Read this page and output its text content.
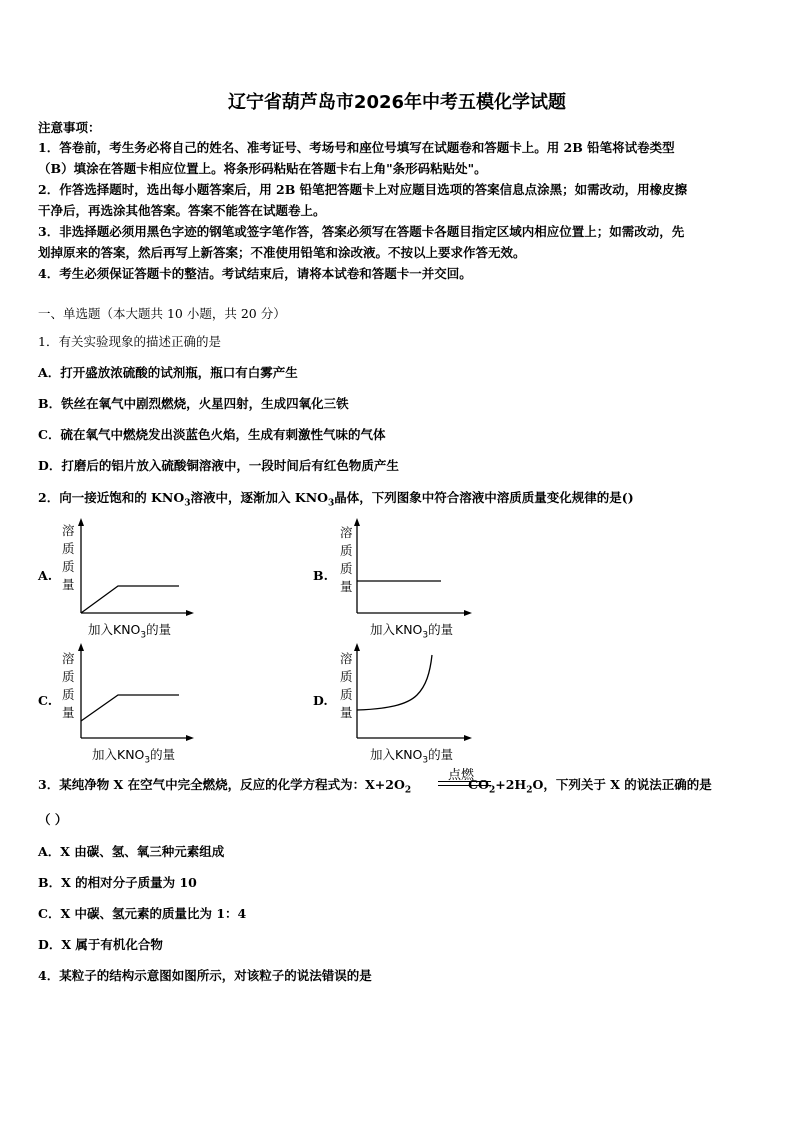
辽宁省葫芦岛市2026年中考五模化学试题
注意事项：
1．答卷前，考生务必将自己的姓名、准考证号、考场号和座位号填写在试题卷和答题卡上。用 2B 铅笔将试卷类型
（B）填涂在答题卡相应位置上。将条形码粘贴在答题卡右上角"条形码粘贴处"。
2．作答选择题时，选出每小题答案后，用 2B 铅笔把答题卡上对应题目选项的答案信息点涂黑；如需改动，用橡皮擦
干净后，再选涂其他答案。答案不能答在试题卷上。
3．非选择题必须用黑色字迹的钢笔或签字笔作答，答案必须写在答题卡各题目指定区域内相应位置上；如需改动，先
划掉原来的答案，然后再写上新答案；不准使用铅笔和涂改液。不按以上要求作答无效。
4．考生必须保证答题卡的整洁。考试结束后，请将本试卷和答题卡一并交回。
一、单选题（本大题共 10 小题，共 20 分）
1．有关实验现象的描述正确的是
A．打开盛放浓硫酸的试剂瓶，瓶口有白雾产生
B．铁丝在氧气中剧烈燃烧，火星四射，生成四氧化三铁
C．硫在氧气中燃烧发出淡蓝色火焰，生成有刺激性气味的气体
D．打磨后的铝片放入硫酸铜溶液中，一段时间后有红色物质产生
2．向一接近饱和的 $KNO_3$溶液中，逐渐加入 $KNO_3$晶体，下列图象中符合溶液中溶质质量变化规律的是()
A.
溶
质
质
量
加入$KNO_3$的量
B.
溶
质
质
量
加入$KNO_3$的量
C.
溶
质
质
量
加入$KNO_3$的量
D.
溶
质
质
量
加入$KNO_3$的量
3．某纯净物 X 在空气中完全燃烧，反应的化学方程式为：$X+2O_2$	$CO_2+2H_2O$，下列关于 X 的说法正确的是
点燃
（ ）
A．X 由碳、氢、氧三种元素组成
B．X 的相对分子质量为 10
C．X 中碳、氢元素的质量比为 1：4
D．X 属于有机化合物
4．某粒子的结构示意图如图所示，对该粒子的说法错误的是
